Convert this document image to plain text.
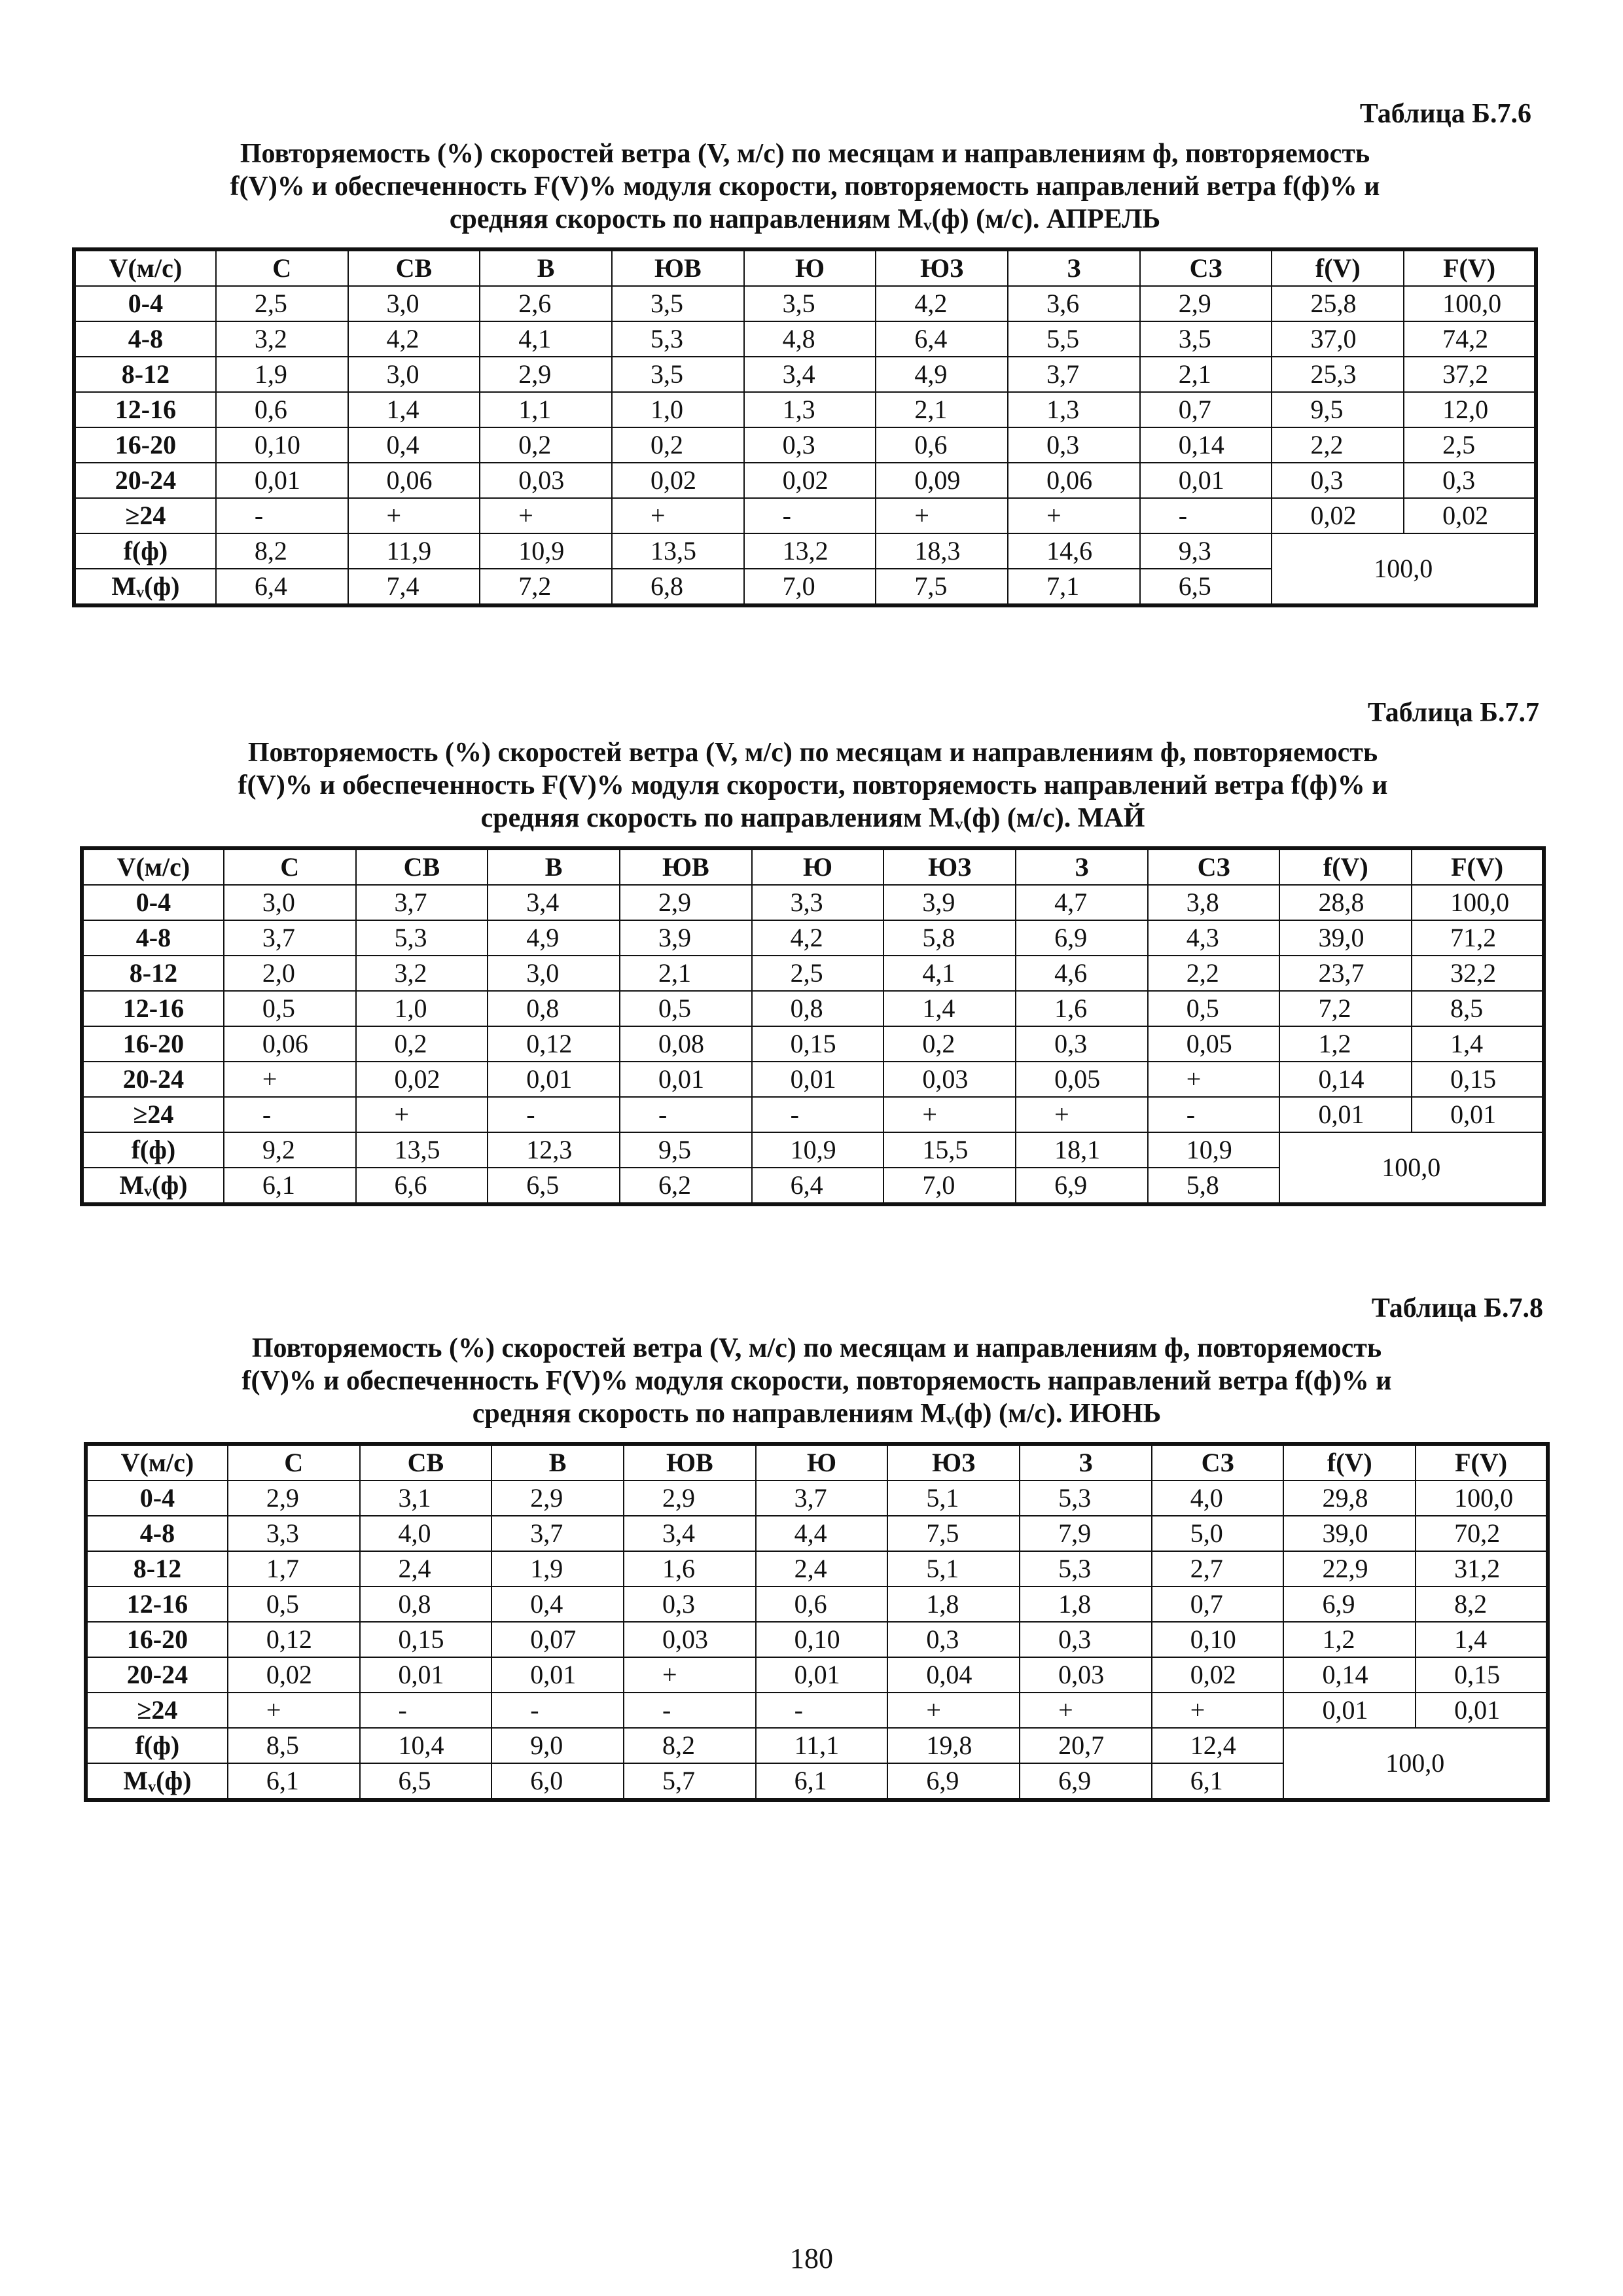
Таблица Б.7.6
Повторяемость (%) скоростей ветра (V, м/с) по месяцам и направлениям ф, повторяемость
f(V)% и обеспеченность F(V)% модуля скорости, повторяемость направлений ветра f(ф)% и
средняя скорость по направлениям Mᵥ(ф) (м/с). АПРЕЛЬ
V(м/с)	С	СВ	В	ЮВ	Ю	ЮЗ	З	СЗ	f(V)	F(V)
0-4	2,5	3,0	2,6	3,5	3,5	4,2	3,6	2,9	25,8	100,0
4-8	3,2	4,2	4,1	5,3	4,8	6,4	5,5	3,5	37,0	74,2
8-12	1,9	3,0	2,9	3,5	3,4	4,9	3,7	2,1	25,3	37,2
12-16	0,6	1,4	1,1	1,0	1,3	2,1	1,3	0,7	9,5	12,0
16-20	0,10	0,4	0,2	0,2	0,3	0,6	0,3	0,14	2,2	2,5
20-24	0,01	0,06	0,03	0,02	0,02	0,09	0,06	0,01	0,3	0,3
≥24	-	+	+	+	-	+	+	-	0,02	0,02
f(ф)	8,2	11,9	10,9	13,5	13,2	18,3	14,6	9,3	100,0	
Mᵥ(ф)	6,4	7,4	7,2	6,8	7,0	7,5	7,1	6,5		
Таблица Б.7.7
Повторяемость (%) скоростей ветра (V, м/с) по месяцам и направлениям ф, повторяемость
f(V)% и обеспеченность F(V)% модуля скорости, повторяемость направлений ветра f(ф)% и
средняя скорость по направлениям Mᵥ(ф) (м/с). МАЙ
V(м/с)	С	СВ	В	ЮВ	Ю	ЮЗ	З	СЗ	f(V)	F(V)
0-4	3,0	3,7	3,4	2,9	3,3	3,9	4,7	3,8	28,8	100,0
4-8	3,7	5,3	4,9	3,9	4,2	5,8	6,9	4,3	39,0	71,2
8-12	2,0	3,2	3,0	2,1	2,5	4,1	4,6	2,2	23,7	32,2
12-16	0,5	1,0	0,8	0,5	0,8	1,4	1,6	0,5	7,2	8,5
16-20	0,06	0,2	0,12	0,08	0,15	0,2	0,3	0,05	1,2	1,4
20-24	+	0,02	0,01	0,01	0,01	0,03	0,05	+	0,14	0,15
≥24	-	+	-	-	-	+	+	-	0,01	0,01
f(ф)	9,2	13,5	12,3	9,5	10,9	15,5	18,1	10,9	100,0	
Mᵥ(ф)	6,1	6,6	6,5	6,2	6,4	7,0	6,9	5,8		
Таблица Б.7.8
Повторяемость (%) скоростей ветра (V, м/с) по месяцам и направлениям ф, повторяемость
f(V)% и обеспеченность F(V)% модуля скорости, повторяемость направлений ветра f(ф)% и
средняя скорость по направлениям Mᵥ(ф) (м/с). ИЮНЬ
V(м/с)	С	СВ	В	ЮВ	Ю	ЮЗ	З	СЗ	f(V)	F(V)
0-4	2,9	3,1	2,9	2,9	3,7	5,1	5,3	4,0	29,8	100,0
4-8	3,3	4,0	3,7	3,4	4,4	7,5	7,9	5,0	39,0	70,2
8-12	1,7	2,4	1,9	1,6	2,4	5,1	5,3	2,7	22,9	31,2
12-16	0,5	0,8	0,4	0,3	0,6	1,8	1,8	0,7	6,9	8,2
16-20	0,12	0,15	0,07	0,03	0,10	0,3	0,3	0,10	1,2	1,4
20-24	0,02	0,01	0,01	+	0,01	0,04	0,03	0,02	0,14	0,15
≥24	+	-	-	-	-	+	+	+	0,01	0,01
f(ф)	8,5	10,4	9,0	8,2	11,1	19,8	20,7	12,4	100,0	
Mᵥ(ф)	6,1	6,5	6,0	5,7	6,1	6,9	6,9	6,1		
180
